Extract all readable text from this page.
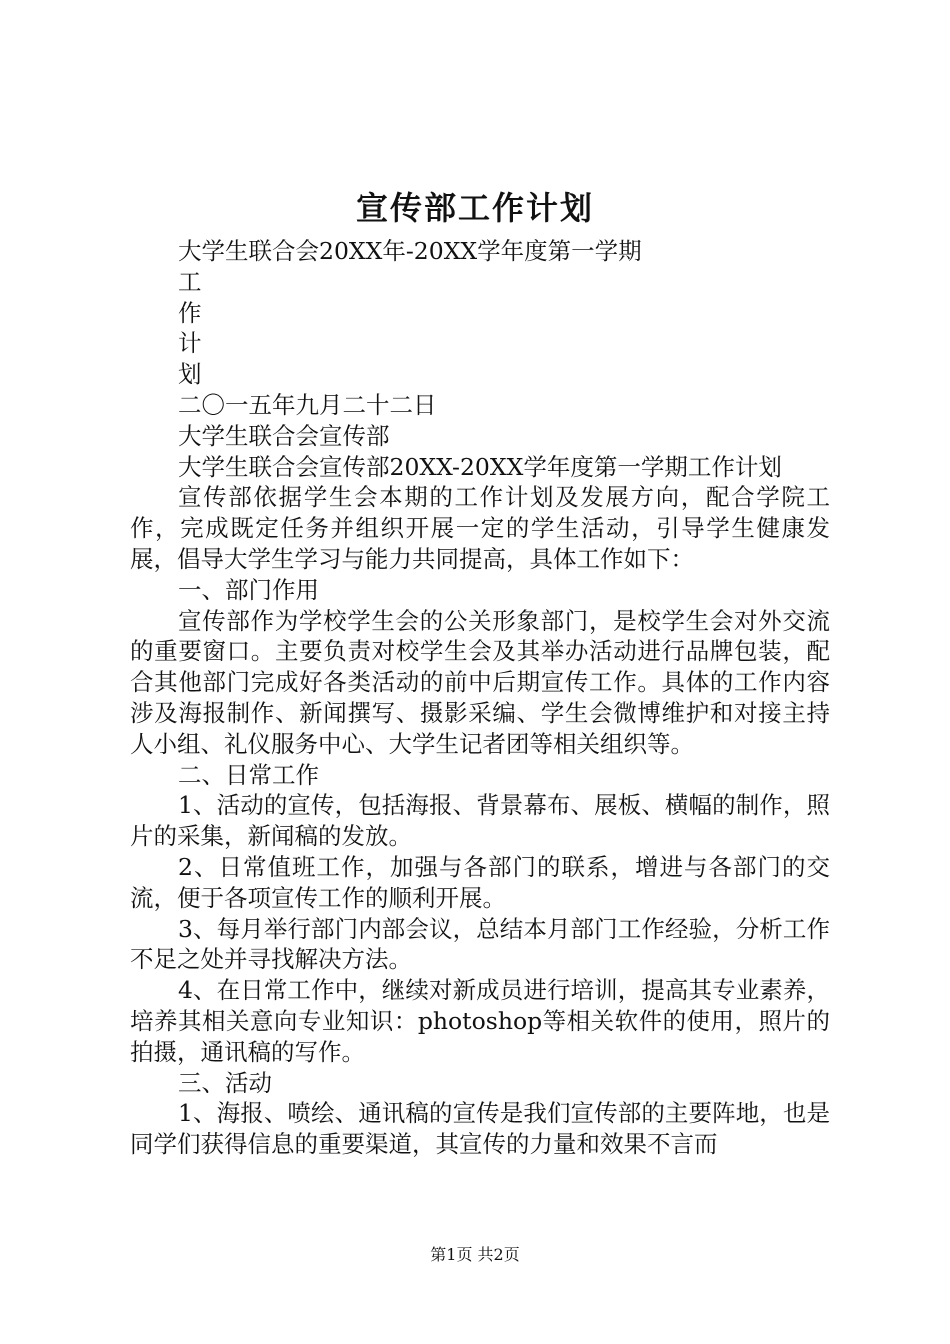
宣传部工作计划

大学生联合会20XX年-20XX学年度第一学期

工

作

计

划

二〇一五年九月二十二日

大学生联合会宣传部

大学生联合会宣传部20XX-20XX学年度第一学期工作计划

宣传部依据学生会本期的工作计划及发展方向，配合学院工作，完成既定任务并组织开展一定的学生活动，引导学生健康发展，倡导大学生学习与能力共同提高，具体工作如下：

一、部门作用

宣传部作为学校学生会的公关形象部门，是校学生会对外交流的重要窗口。主要负责对校学生会及其举办活动进行品牌包装，配合其他部门完成好各类活动的前中后期宣传工作。具体的工作内容涉及海报制作、新闻撰写、摄影采编、学生会微博维护和对接主持人小组、礼仪服务中心、大学生记者团等相关组织等。

二、日常工作

1、活动的宣传，包括海报、背景幕布、展板、横幅的制作，照片的采集，新闻稿的发放。

2、日常值班工作，加强与各部门的联系，增进与各部门的交流，便于各项宣传工作的顺利开展。

3、每月举行部门内部会议，总结本月部门工作经验，分析工作不足之处并寻找解决方法。

4、在日常工作中，继续对新成员进行培训，提高其专业素养，培养其相关意向专业知识：photoshop等相关软件的使用，照片的拍摄，通讯稿的写作。

三、活动

1、海报、喷绘、通讯稿的宣传是我们宣传部的主要阵地，也是同学们获得信息的重要渠道，其宣传的力量和效果不言而

第1页 共2页
